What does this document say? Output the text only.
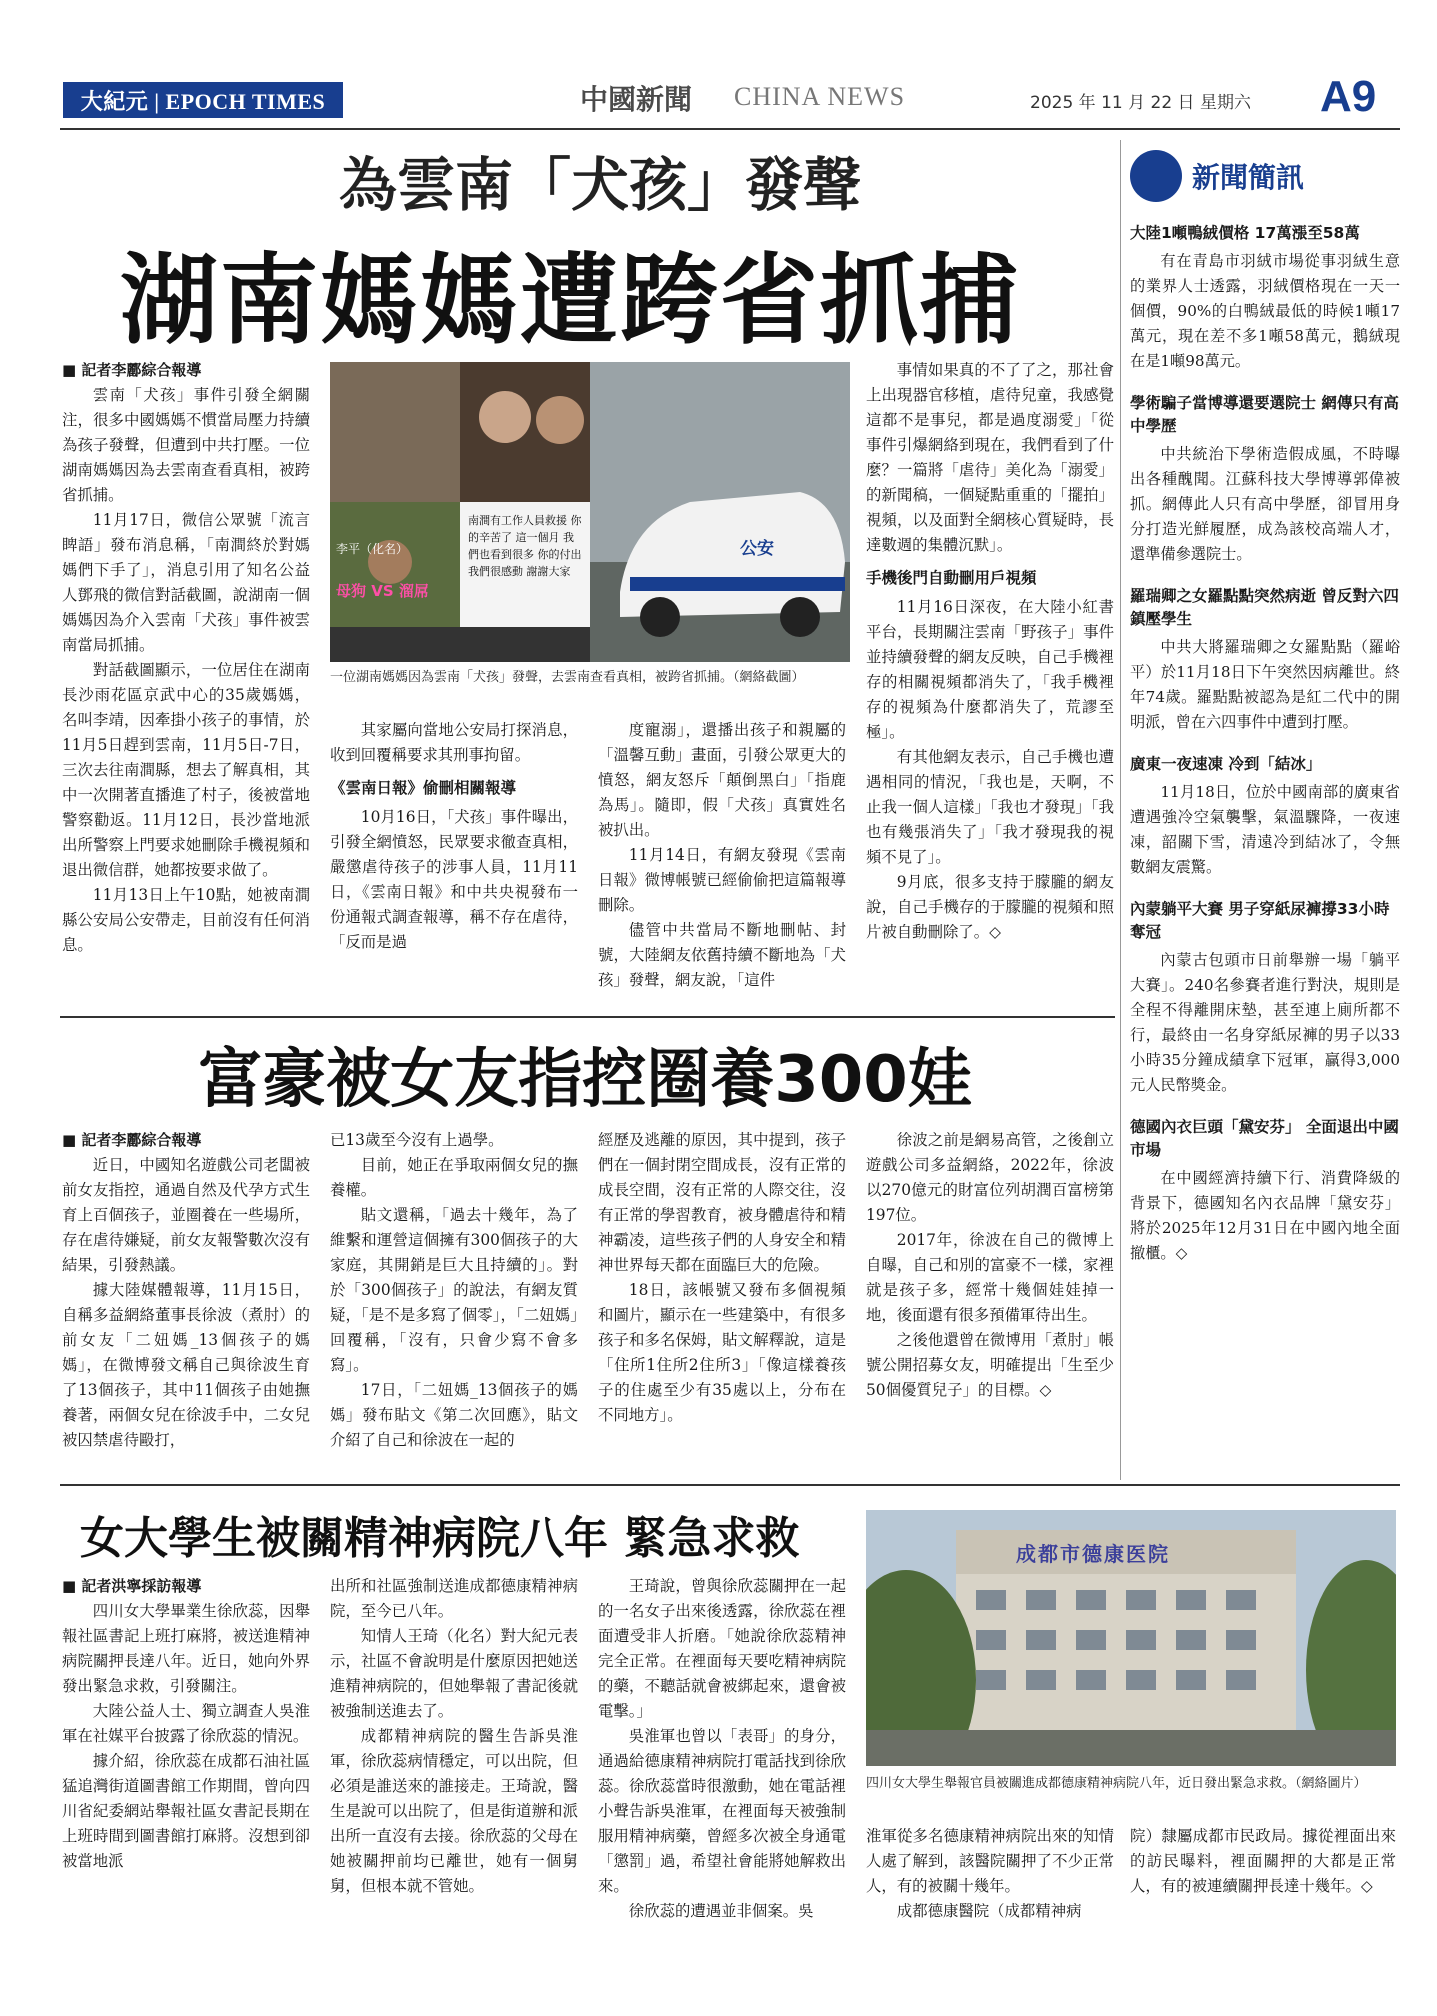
大紀元 | EPOCH TIMES	中國新聞 CHINA NEWS	2025 年 11 月 22 日 星期六 A9
為雲南「犬孩」發聲
湖南媽媽遭跨省抓捕

■ 記者李酈綜合報導

雲南「犬孩」事件引發全網關注，很多中國媽媽不慣當局壓力持續為孩子發聲，但遭到中共打壓。一位湖南媽媽因為去雲南查看真相，被跨省抓捕。

11月17日，微信公眾號「流言睥語」發布消息稱，「南澗終於對媽媽們下手了」，消息引用了知名公益人鄧飛的微信對話截圖，說湖南一個媽媽因為介入雲南「犬孩」事件被雲南當局抓捕。

對話截圖顯示，一位居住在湖南長沙雨花區京武中心的35歲媽媽，名叫李靖，因牽掛小孩子的事情，於11月5日趕到雲南，11月5日-7日，三次去往南澗縣，想去了解真相，其中一次開著直播進了村子，後被當地警察勸返。11月12日，長沙當地派出所警察上門要求她刪除手機視頻和退出微信群，她都按要求做了。

11月13日上午10點，她被南澗縣公安局公安帶走，目前沒有任何消息。

李平（化名）
母狗 VS 溜屌
南澗有工作人員救援 你的辛苦了 這一個月 我們也看到很多 你的付出 我們很感動 謝謝大家
公安
一位湖南媽媽因為雲南「犬孩」發聲，去雲南查看真相，被跨省抓捕。（網絡截圖）

其家屬向當地公安局打探消息，收到回覆稱要求其刑事拘留。

《雲南日報》偷刪相關報導

10月16日，「犬孩」事件曝出，引發全網憤怒，民眾要求徹查真相，嚴懲虐待孩子的涉事人員，11月11日，《雲南日報》和中共央視發布一份通報式調查報導，稱不存在虐待，「反而是過

度寵溺」，還播出孩子和親屬的「溫馨互動」畫面，引發公眾更大的憤怒，網友怒斥「顛倒黑白」「指鹿為馬」。隨即，假「犬孩」真實姓名被扒出。

11月14日，有網友發現《雲南日報》微博帳號已經偷偷把這篇報導刪除。

儘管中共當局不斷地刪帖、封號，大陸網友依舊持續不斷地為「犬孩」發聲，網友說，「這件

事情如果真的不了了之，那社會上出現器官移植，虐待兒童，我感覺這都不是事兒，都是過度溺愛」「從事件引爆網絡到現在，我們看到了什麼？一篇將「虐待」美化為「溺愛」的新聞稿，一個疑點重重的「擺拍」視頻，以及面對全網核心質疑時，長達數週的集體沉默」。

手機後門自動刪用戶視頻

11月16日深夜，在大陸小紅書平台，長期關注雲南「野孩子」事件並持續發聲的網友反映，自己手機裡存的相關視頻都消失了，「我手機裡存的視頻為什麼都消失了，荒謬至極」。

有其他網友表示，自己手機也遭遇相同的情況，「我也是，天啊，不止我一個人這樣」「我也才發現」「我也有幾張消失了」「我才發現我的視頻不見了」。

9月底，很多支持于朦朧的網友說，自己手機存的于朦朧的視頻和照片被自動刪除了。◇

富豪被女友指控圈養300娃

■ 記者李酈綜合報導

近日，中國知名遊戲公司老闆被前女友指控，通過自然及代孕方式生育上百個孩子，並圈養在一些場所，存在虐待嫌疑，前女友報警數次沒有結果，引發熱議。

據大陸媒體報導，11月15日，自稱多益網絡董事長徐波（煮肘）的前女友「二妞媽_13個孩子的媽媽」，在微博發文稱自己與徐波生育了13個孩子，其中11個孩子由她撫養著，兩個女兒在徐波手中，二女兒被囚禁虐待毆打，

已13歲至今沒有上過學。

目前，她正在爭取兩個女兒的撫養權。

貼文還稱，「過去十幾年，為了維繫和運營這個擁有300個孩子的大家庭，其開銷是巨大且持續的」。對於「300個孩子」的說法，有網友質疑，「是不是多寫了個零」，「二妞媽」回覆稱，「沒有，只會少寫不會多寫」。

17日，「二妞媽_13個孩子的媽媽」發布貼文《第二次回應》，貼文介紹了自己和徐波在一起的

經歷及逃離的原因，其中提到，孩子們在一個封閉空間成長，沒有正常的成長空間，沒有正常的人際交往，沒有正常的學習教育，被身體虐待和精神霸凌，這些孩子們的人身安全和精神世界每天都在面臨巨大的危險。

18日，該帳號又發布多個視頻和圖片，顯示在一些建築中，有很多孩子和多名保姆，貼文解釋說，這是「住所1住所2住所3」「像這樣養孩子的住處至少有35處以上，分布在不同地方」。

徐波之前是網易高管，之後創立遊戲公司多益網絡，2022年，徐波以270億元的財富位列胡潤百富榜第197位。

2017年，徐波在自己的微博上自曝，自己和別的富豪不一樣，家裡就是孩子多，經常十幾個娃娃掉一地，後面還有很多預備軍待出生。

之後他還曾在微博用「煮肘」帳號公開招募女友，明確提出「生至少50個優質兒子」的目標。◇

女大學生被關精神病院八年 緊急求救

■ 記者洪寧採訪報導

四川女大學畢業生徐欣蕊，因舉報社區書記上班打麻將，被送進精神病院關押長達八年。近日，她向外界發出緊急求救，引發關注。

大陸公益人士、獨立調查人吳淮軍在社媒平台披露了徐欣蕊的情況。

據介紹，徐欣蕊在成都石油社區猛追灣街道圖書館工作期間，曾向四川省紀委網站舉報社區女書記長期在上班時間到圖書館打麻將。沒想到卻被當地派

出所和社區強制送進成都德康精神病院，至今已八年。

知情人王琦（化名）對大紀元表示，社區不會說明是什麼原因把她送進精神病院的，但她舉報了書記後就被強制送進去了。

成都精神病院的醫生告訴吳淮軍，徐欣蕊病情穩定，可以出院，但必須是誰送來的誰接走。王琦說，醫生是說可以出院了，但是街道辦和派出所一直沒有去接。徐欣蕊的父母在她被關押前均已離世，她有一個舅舅，但根本就不管她。

王琦說，曾與徐欣蕊關押在一起的一名女子出來後透露，徐欣蕊在裡面遭受非人折磨。「她說徐欣蕊精神完全正常。在裡面每天要吃精神病院的藥，不聽話就會被綁起來，還會被電擊。」

吳淮軍也曾以「表哥」的身分，通過給德康精神病院打電話找到徐欣蕊。徐欣蕊當時很激動，她在電話裡小聲告訴吳淮軍，在裡面每天被強制服用精神病藥，曾經多次被全身通電「懲罰」過，希望社會能將她解救出來。

徐欣蕊的遭遇並非個案。吳

成都市德康医院
四川女大學生舉報官員被關進成都德康精神病院八年，近日發出緊急求救。（網絡圖片）

淮軍從多名德康精神病院出來的知情人處了解到，該醫院關押了不少正常人，有的被關十幾年。

成都德康醫院（成都精神病

院）隸屬成都市民政局。據從裡面出來的訪民曝料，裡面關押的大都是正常人，有的被連續關押長達十幾年。◇

新聞簡訊
大陸1噸鴨絨價格 17萬漲至58萬

有在青島市羽絨市場從事羽絨生意的業界人士透露，羽絨價格現在一天一個價，90%的白鴨絨最低的時候1噸17萬元，現在差不多1噸58萬元，鵝絨現在是1噸98萬元。

學術騙子當博導還要選院士 網傳只有高中學歷

中共統治下學術造假成風，不時曝出各種醜聞。江蘇科技大學博導郭偉被抓。網傳此人只有高中學歷，卻冒用身分打造光鮮履歷，成為該校高端人才，還準備參選院士。

羅瑞卿之女羅點點突然病逝 曾反對六四鎮壓學生

中共大將羅瑞卿之女羅點點（羅峪平）於11月18日下午突然因病離世。終年74歲。羅點點被認為是紅二代中的開明派，曾在六四事件中遭到打壓。

廣東一夜速凍 冷到「結冰」

11月18日，位於中國南部的廣東省遭遇強冷空氣襲擊，氣溫驟降，一夜速凍，韶關下雪，清遠冷到結冰了，令無數網友震驚。

內蒙躺平大賽 男子穿紙尿褲撐33小時奪冠

內蒙古包頭市日前舉辦一場「躺平大賽」。240名參賽者進行對決，規則是全程不得離開床墊，甚至連上廁所都不行，最終由一名身穿紙尿褲的男子以33小時35分鐘成績拿下冠軍，贏得3,000元人民幣獎金。

德國內衣巨頭「黛安芬」 全面退出中國市場

在中國經濟持續下行、消費降級的背景下，德國知名內衣品牌「黛安芬」將於2025年12月31日在中國內地全面撤櫃。◇
